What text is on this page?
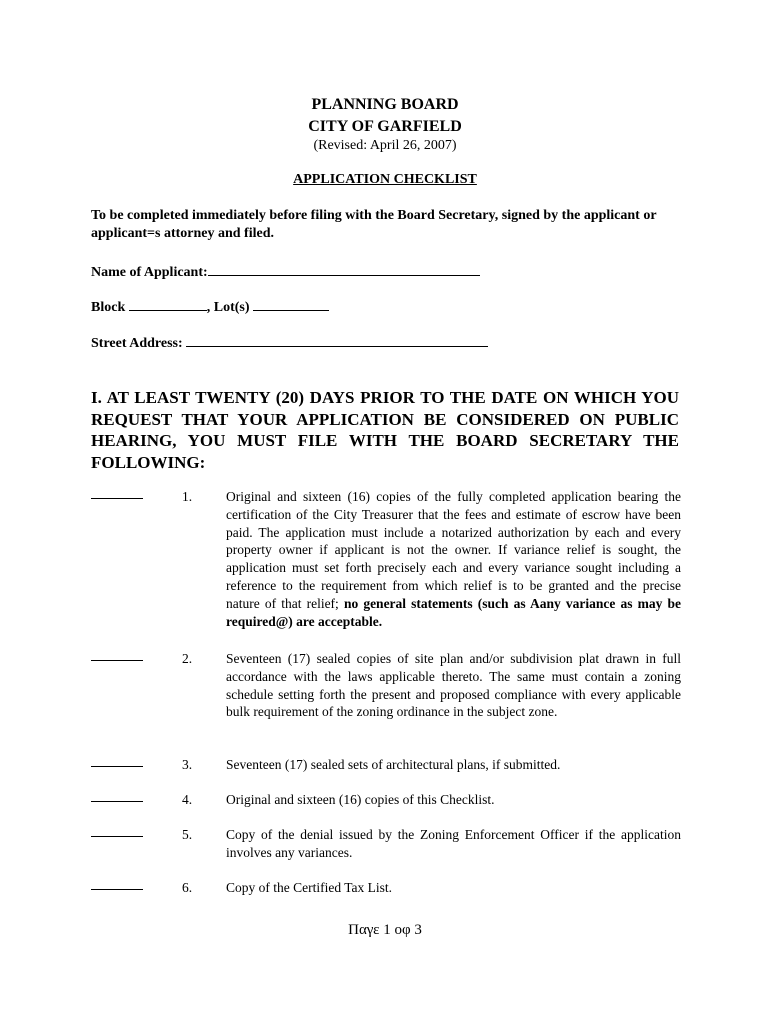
PLANNING BOARD
CITY OF GARFIELD
(Revised: April 26, 2007)
APPLICATION CHECKLIST
To be completed immediately before filing with the Board Secretary, signed by the applicant or applicant=s attorney and filed.
Name of Applicant:
Block	, Lot(s)
Street Address:
I. AT LEAST TWENTY (20) DAYS PRIOR TO THE DATE ON WHICH YOU REQUEST THAT YOUR APPLICATION BE CONSIDERED ON PUBLIC HEARING, YOU MUST FILE WITH THE BOARD SECRETARY THE FOLLOWING:
1.	Original and sixteen (16) copies of the fully completed application bearing the certification of the City Treasurer that the fees and estimate of escrow have been paid. The application must include a notarized authorization by each and every property owner if applicant is not the owner. If variance relief is sought, the application must set forth precisely each and every variance sought including a reference to the requirement from which relief is to be granted and the precise nature of that relief; no general statements (such as Aany variance as may be required@) are acceptable.
2.	Seventeen (17) sealed copies of site plan and/or subdivision plat drawn in full accordance with the laws applicable thereto. The same must contain a zoning schedule setting forth the present and proposed compliance with every applicable bulk requirement of the zoning ordinance in the subject zone.
3.	Seventeen (17) sealed sets of architectural plans, if submitted.
4.	Original and sixteen (16) copies of this Checklist.
5.	Copy of the denial issued by the Zoning Enforcement Officer if the application involves any variances.
6.	Copy of the Certified Tax List.
Παγε 1 οφ 3
